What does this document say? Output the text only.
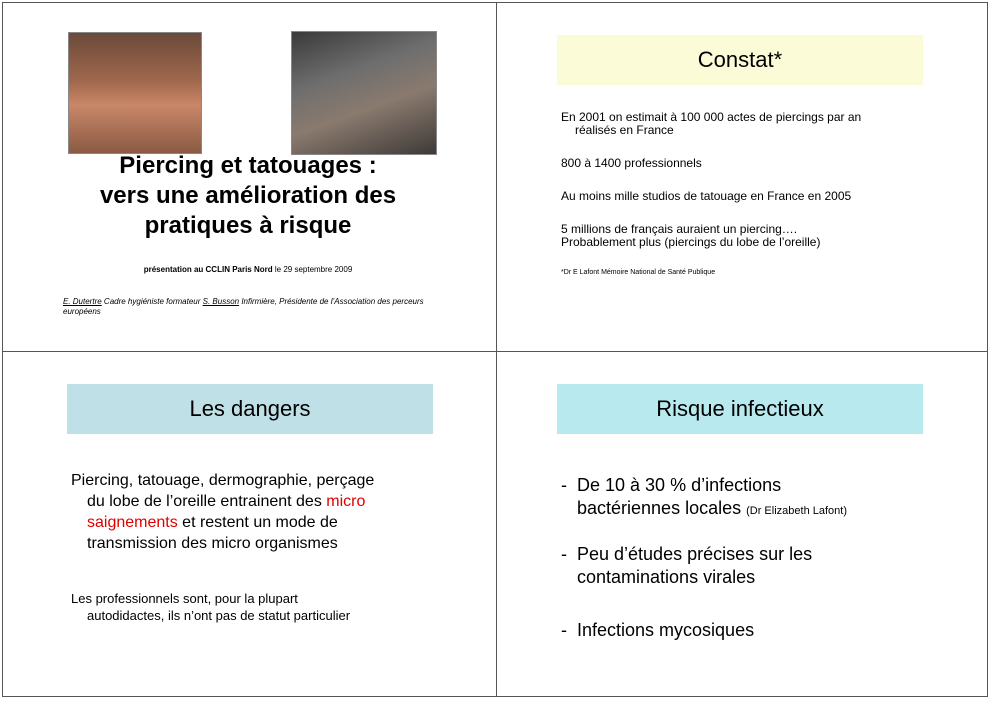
Piercing et tatouages :
vers une amélioration des
pratiques à risque
présentation au CCLIN Paris Nord le 29 septembre 2009
E. Dutertre Cadre hygiéniste formateur S. Busson Infirmière, Présidente de l’Association des perceurs européens
Constat*
En 2001 on estimait à 100 000 actes de piercings par an
réalisés en France
800 à 1400 professionnels
Au moins mille studios de tatouage en France en 2005
5 millions de français auraient un piercing….
Probablement plus (piercings du lobe de l’oreille)
*Dr E Lafont Mémoire National de Santé Publique
Les dangers
Piercing, tatouage, dermographie, perçage
du lobe de l’oreille entrainent des micro
saignements et restent un mode de
transmission des micro organismes
Les professionnels sont, pour la plupart
autodidactes, ils n’ont pas de statut particulier
Risque infectieux
- De 10 à 30 % d’infections
bactériennes locales (Dr Elizabeth Lafont)
- Peu d’études précises sur les
contaminations virales
- Infections mycosiques
